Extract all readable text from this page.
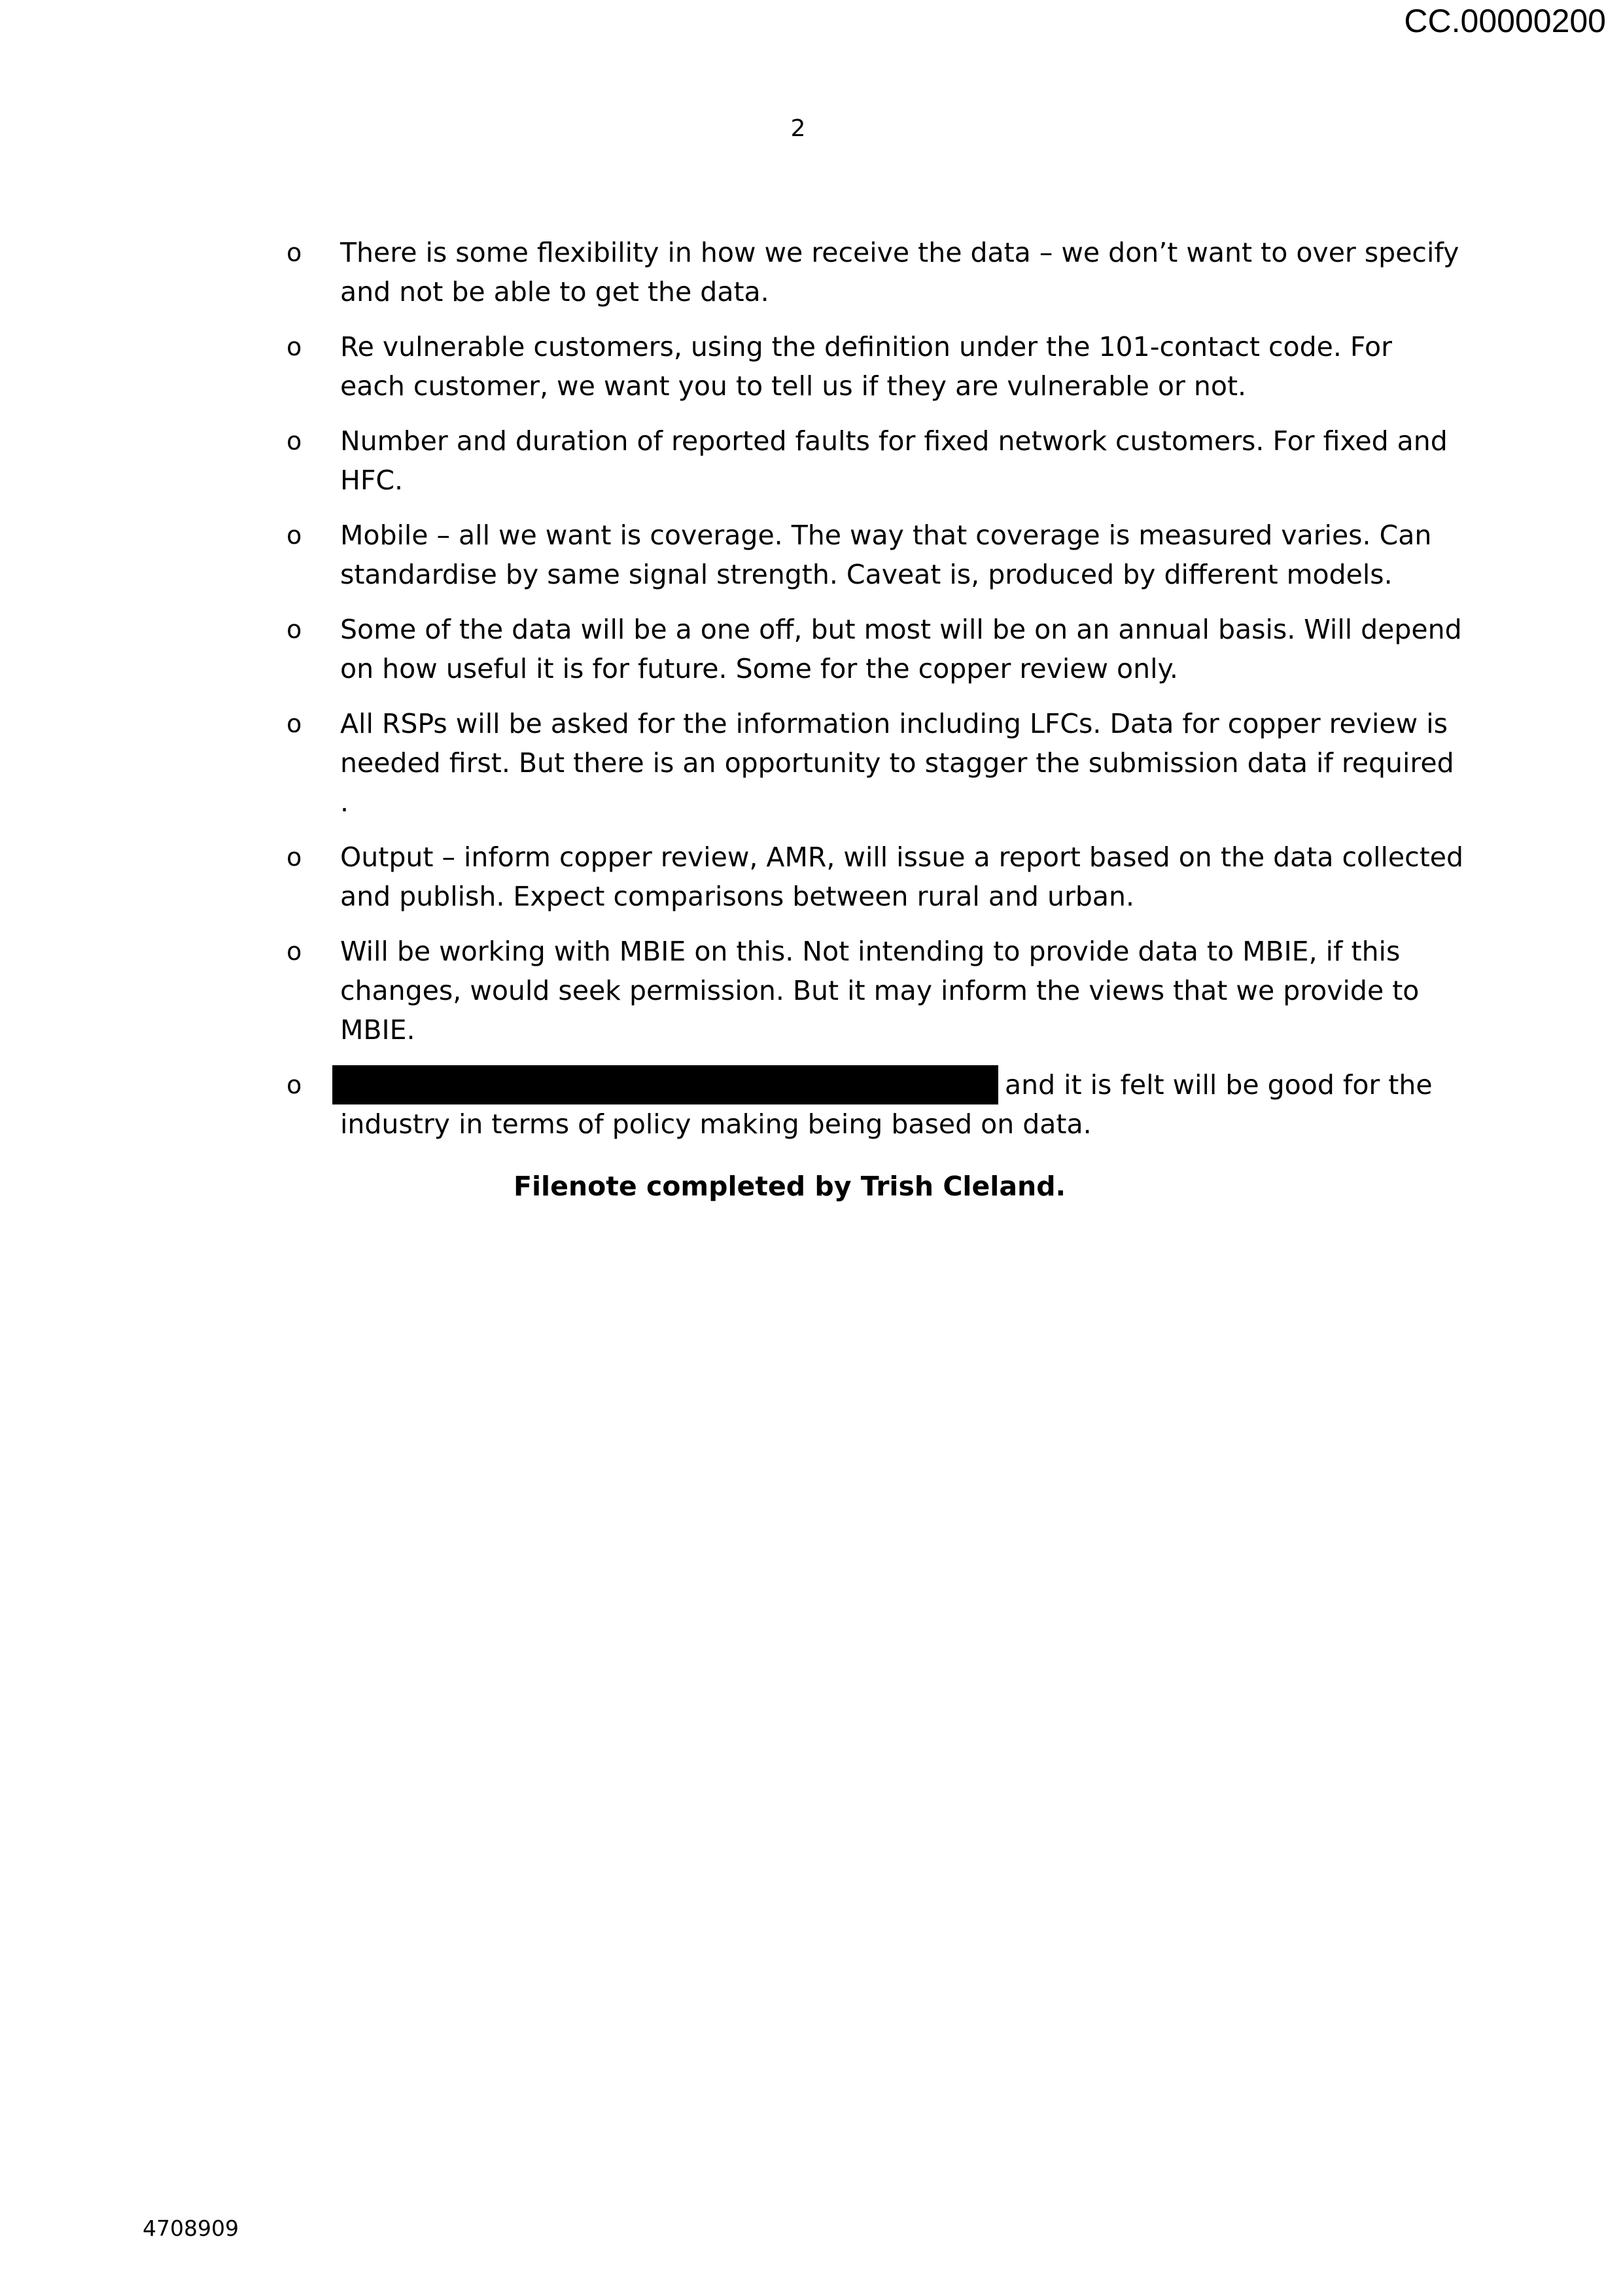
CC.00000200
2
o There is some flexibility in how we receive the data – we don’t want to over specify and not be able to get the data.
o Re vulnerable customers, using the definition under the 101-contact code. For each customer, we want you to tell us if they are vulnerable or not.
o Number and duration of reported faults for fixed network customers. For fixed and HFC.
o Mobile – all we want is coverage. The way that coverage is measured varies. Can standardise by same signal strength. Caveat is, produced by different models.
o Some of the data will be a one off, but most will be on an annual basis. Will depend on how useful it is for future. Some for the copper review only.
o All RSPs will be asked for the information including LFCs. Data for copper review is needed first. But there is an opportunity to stagger the submission data if required .
o Output – inform copper review, AMR, will issue a report based on the data collected and publish. Expect comparisons between rural and urban.
o Will be working with MBIE on this. Not intending to provide data to MBIE, if this changes, would seek permission. But it may inform the views that we provide to MBIE.
o	and it is felt will be good for the industry in terms of policy making being based on data.
Filenote completed by Trish Cleland.
4708909
